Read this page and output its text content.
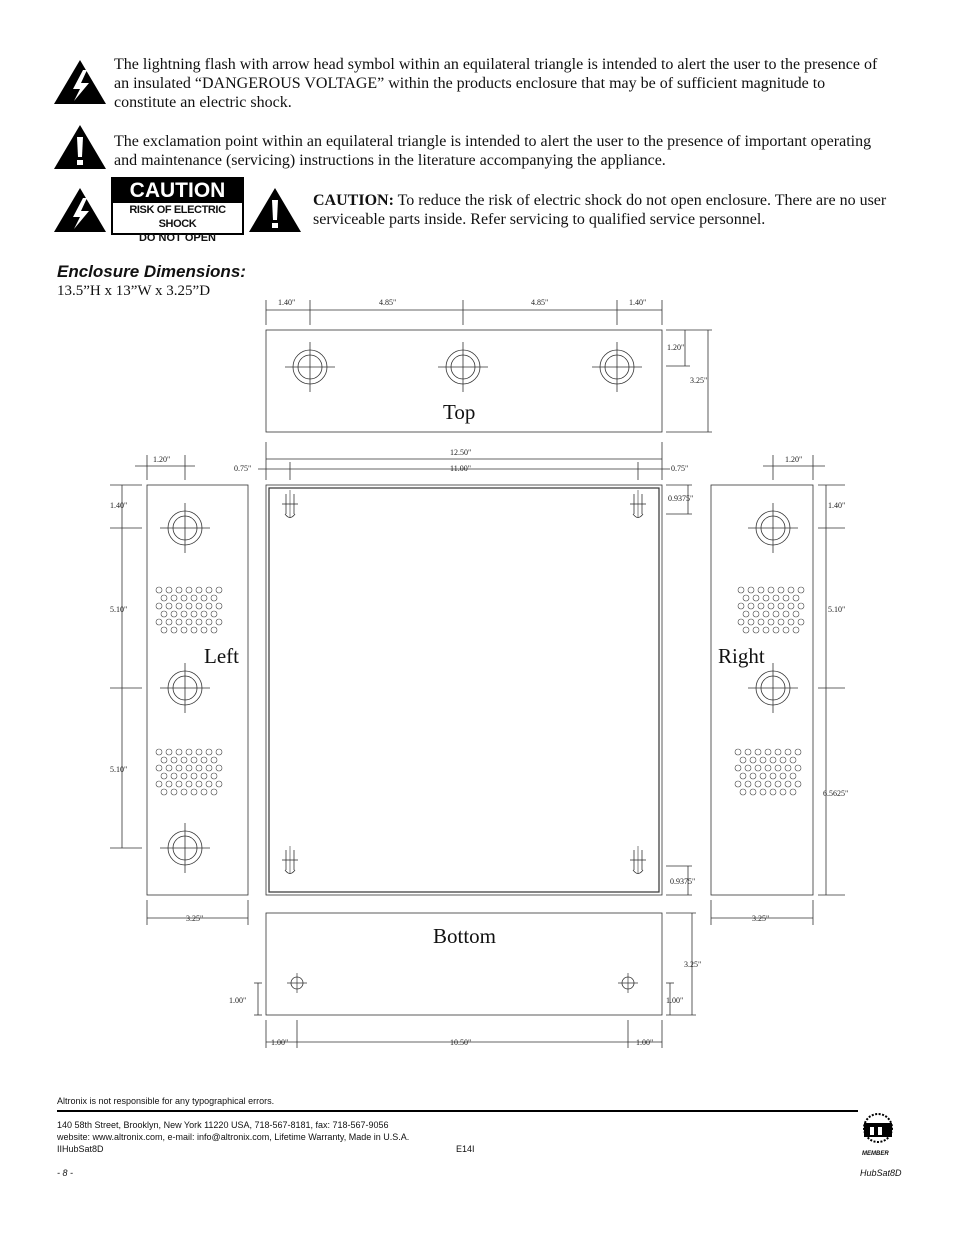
The lightning flash with arrow head symbol within an equilateral triangle is intended to alert the user to the presence of an insulated “DANGEROUS VOLTAGE” within the products enclosure that may be of sufficient magnitude to constitute an electric shock.
The exclamation point within an equilateral triangle is intended to alert the user to the presence of important operating and maintenance (servicing) instructions in the literature accompanying the appliance.
CAUTION
RISK OF ELECTRIC SHOCK
DO NOT OPEN
CAUTION: To reduce the risk of electric shock do not open enclosure. There are no user serviceable parts inside. Refer servicing to qualified service personnel.
Enclosure Dimensions:
13.5”H x 13”W x 3.25”D
Top
Left	Right
Bottom
1.40"	4.85"	4.85"	1.40"
1.20"
3.25"
12.50"
11.00"
0.75"	0.75"
0.9375"
0.9375"
1.20"
1.40"
5.10"
5.10"
3.25"
1.20"
1.40"
5.10"
6.5625"
3.25"
3.25"
1.00"	1.00"
1.00"	10.50"	1.00"
Altronix is not responsible for any typographical errors.
140 58th Street, Brooklyn, New York 11220 USA, 718-567-8181, fax: 718-567-9056
website: www.altronix.com, e-mail: info@altronix.com, Lifetime Warranty, Made in U.S.A.
IIHubSat8D	E14I
- 8 -	HubSat8D
MEMBER
